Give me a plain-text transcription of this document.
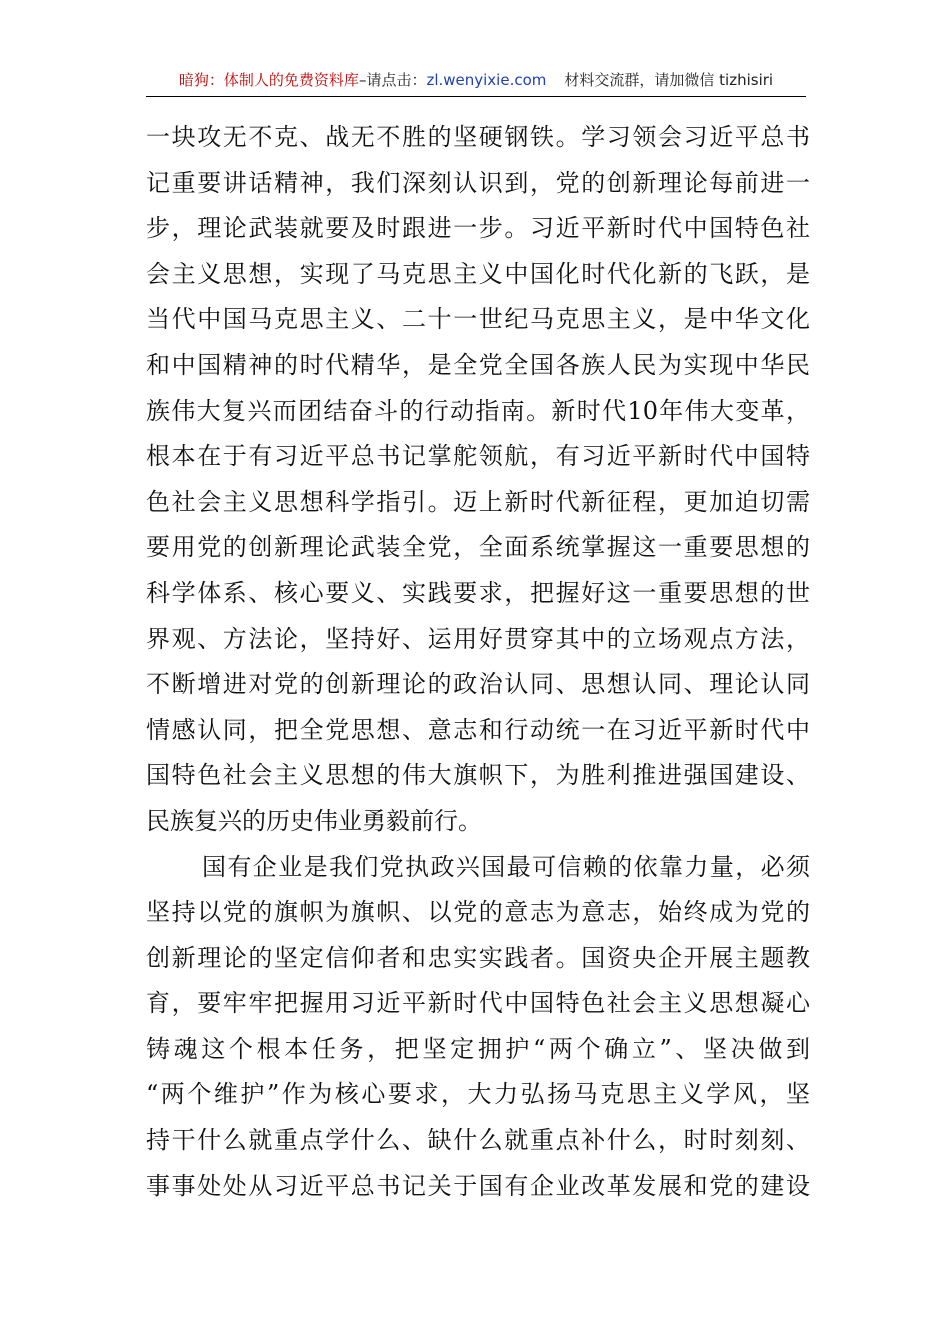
暗狗：体制人的免费资料库–请点击：zl.wenyixie.com 材料交流群，请加微信 tizhisiri
一块攻无不克、战无不胜的坚硬钢铁。学习领会习近平总书
记重要讲话精神，我们深刻认识到，党的创新理论每前进一
步，理论武装就要及时跟进一步。习近平新时代中国特色社
会主义思想，实现了马克思主义中国化时代化新的飞跃，是
当代中国马克思主义、二十一世纪马克思主义，是中华文化
和中国精神的时代精华，是全党全国各族人民为实现中华民
族伟大复兴而团结奋斗的行动指南。新时代10年伟大变革，
根本在于有习近平总书记掌舵领航，有习近平新时代中国特
色社会主义思想科学指引。迈上新时代新征程，更加迫切需
要用党的创新理论武装全党，全面系统掌握这一重要思想的
科学体系、核心要义、实践要求，把握好这一重要思想的世
界观、方法论，坚持好、运用好贯穿其中的立场观点方法，
不断增进对党的创新理论的政治认同、思想认同、理论认同
情感认同，把全党思想、意志和行动统一在习近平新时代中
国特色社会主义思想的伟大旗帜下，为胜利推进强国建设、
民族复兴的历史伟业勇毅前行。
国有企业是我们党执政兴国最可信赖的依靠力量，必须
坚持以党的旗帜为旗帜、以党的意志为意志，始终成为党的
创新理论的坚定信仰者和忠实实践者。国资央企开展主题教
育，要牢牢把握用习近平新时代中国特色社会主义思想凝心
铸魂这个根本任务，把坚定拥护“两个确立”、坚决做到
“两个维护”作为核心要求，大力弘扬马克思主义学风，坚
持干什么就重点学什么、缺什么就重点补什么，时时刻刻、
事事处处从习近平总书记关于国有企业改革发展和党的建设
